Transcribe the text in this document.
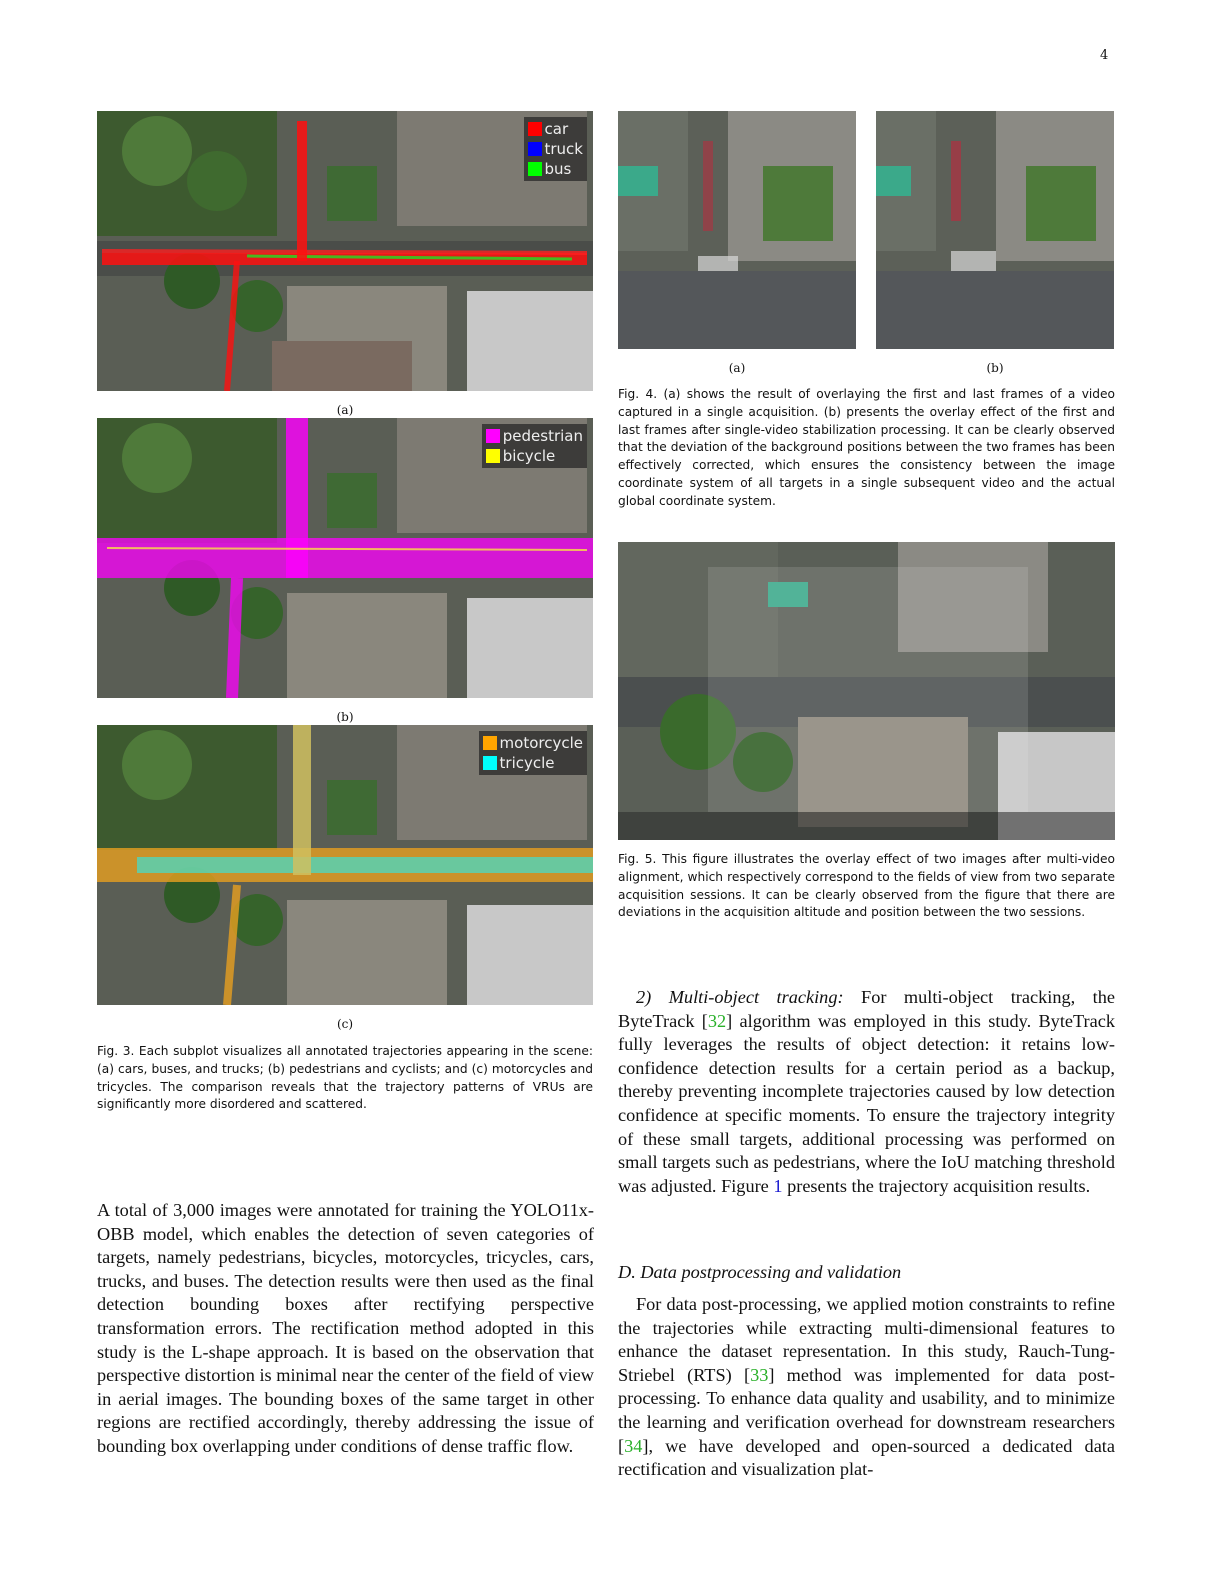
4
car
truck
bus
(a)
pedestrian
bicycle
(b)
motorcycle
tricycle
(c)
Fig. 3. Each subplot visualizes all annotated trajectories appearing in the scene: (a) cars, buses, and trucks; (b) pedestrians and cyclists; and (c) motorcycles and tricycles. The comparison reveals that the trajectory patterns of VRUs are significantly more disordered and scattered.
(a)	(b)
Fig. 4. (a) shows the result of overlaying the first and last frames of a video captured in a single acquisition. (b) presents the overlay effect of the first and last frames after single-video stabilization processing. It can be clearly observed that the deviation of the background positions between the two frames has been effectively corrected, which ensures the consistency between the image coordinate system of all targets in a single subsequent video and the actual global coordinate system.
Fig. 5. This figure illustrates the overlay effect of two images after multi-video alignment, which respectively correspond to the fields of view from two separate acquisition sessions. It can be clearly observed from the figure that there are deviations in the acquisition altitude and position between the two sessions.

A total of 3,000 images were annotated for training the YOLO11x-OBB model, which enables the detection of seven categories of targets, namely pedestrians, bicycles, motorcycles, tricycles, cars, trucks, and buses. The detection results were then used as the final detection bounding boxes after rectifying perspective transformation errors. The rectification method adopted in this study is the L-shape approach. It is based on the observation that perspective distortion is minimal near the center of the field of view in aerial images. The bounding boxes of the same target in other regions are rectified accordingly, thereby addressing the issue of bounding box overlapping under conditions of dense traffic flow.

2) Multi-object tracking: For multi-object tracking, the ByteTrack [32] algorithm was employed in this study. ByteTrack fully leverages the results of object detection: it retains low-confidence detection results for a certain period as a backup, thereby preventing incomplete trajectories caused by low detection confidence at specific moments. To ensure the trajectory integrity of these small targets, additional processing was performed on small targets such as pedestrians, where the IoU matching threshold was adjusted. Figure 1 presents the trajectory acquisition results.

D. Data postprocessing and validation

For data post-processing, we applied motion constraints to refine the trajectories while extracting multi-dimensional features to enhance the dataset representation. In this study, Rauch-Tung-Striebel (RTS) [33] method was implemented for data post-processing. To enhance data quality and usability, and to minimize the learning and verification overhead for downstream researchers [34], we have developed and open-sourced a dedicated data rectification and visualization plat-
